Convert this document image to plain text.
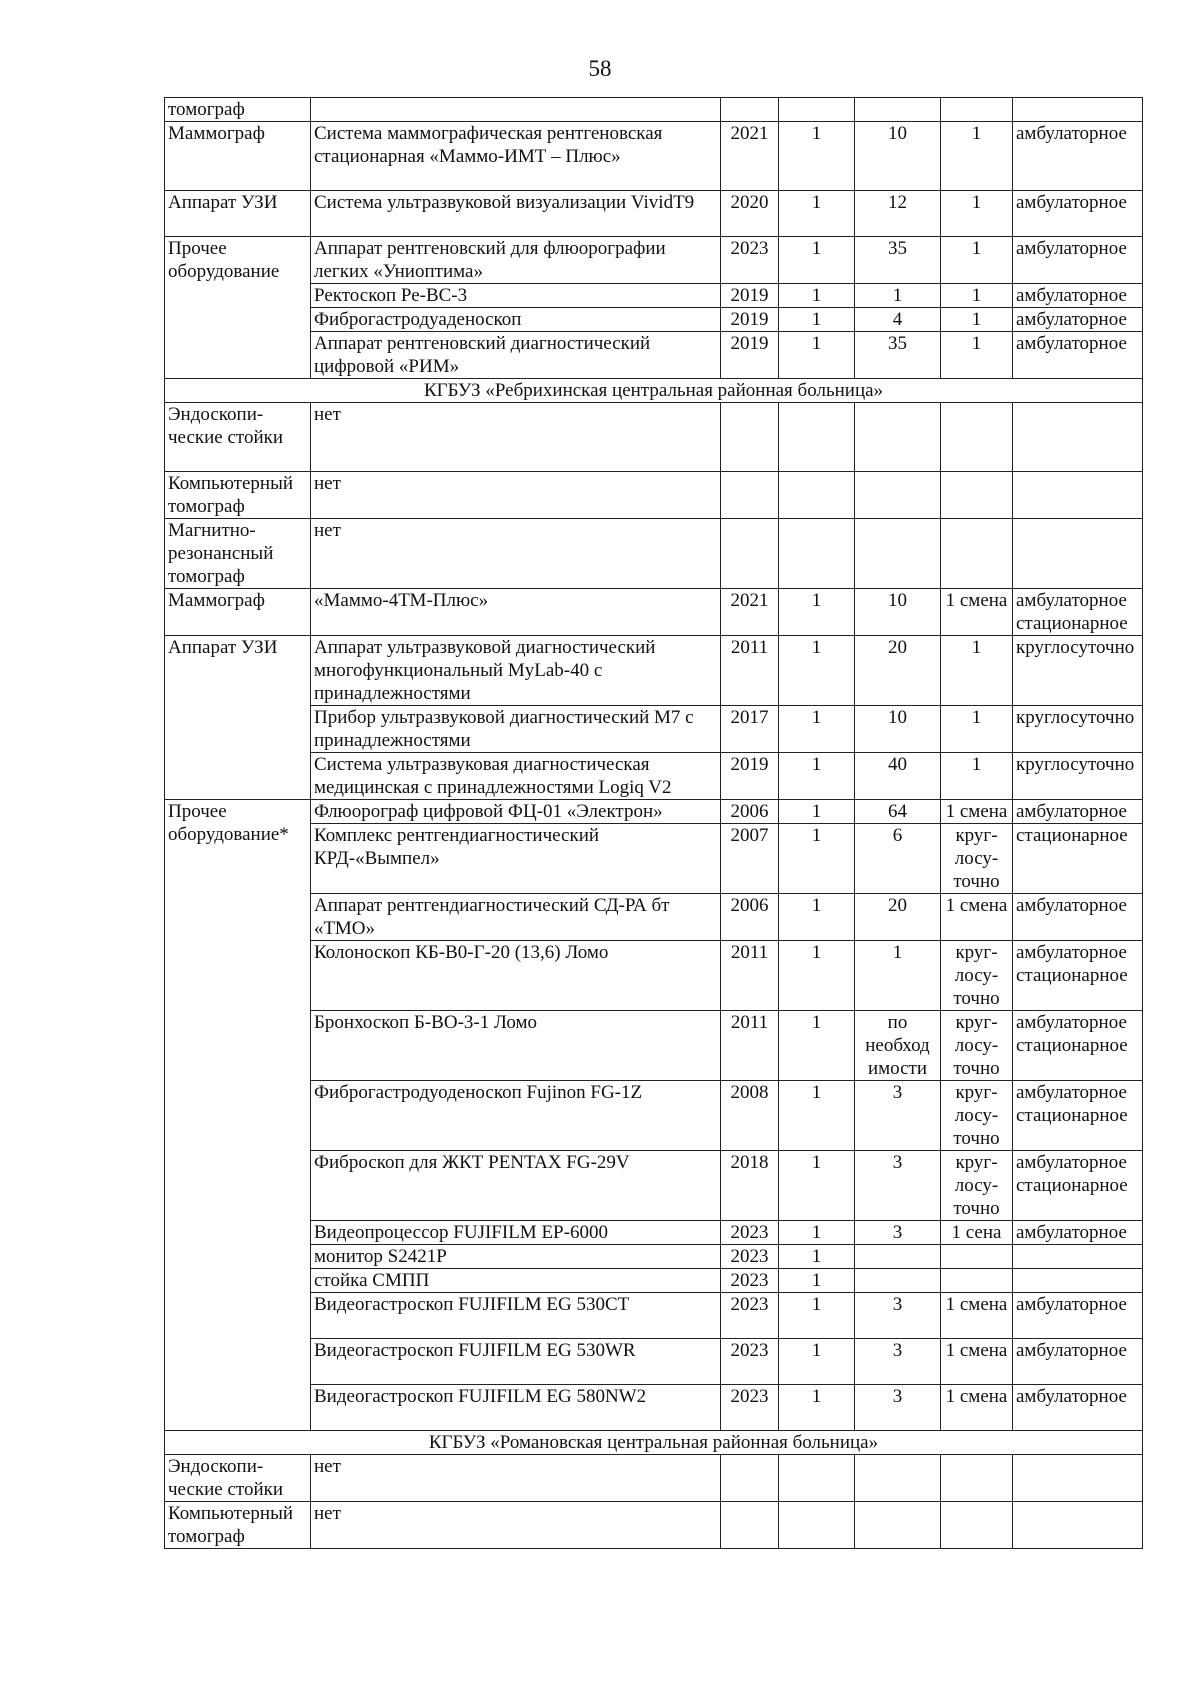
58
томограф						
Маммограф	Система маммографическая рентгеновская стационарная «Маммо-ИМТ – Плюс»	2021	1	10	1	амбулаторное
Аппарат УЗИ	Система ультразвуковой визуализации VividT9	2020	1	12	1	амбулаторное
Прочее оборудование	Аппарат рентгеновский для флюорографии легких «Униоптима»	2023	1	35	1	амбулаторное
	Ректоскоп Ре-ВС-3	2019	1	1	1	амбулаторное
	Фиброгастродуаденоскоп	2019	1	4	1	амбулаторное
	Аппарат рентгеновский диагностический цифровой «РИМ»	2019	1	35	1	амбулаторное
КГБУЗ «Ребрихинская центральная районная больница»						
Эндоскопи-ческие стойки	нет					
Компьютерный томограф	нет					
Магнитно-резонансный томограф	нет					
Маммограф	«Маммо-4ТМ-Плюс»	2021	1	10	1 смена	амбулаторное стационарное
Аппарат УЗИ	Аппарат ультразвуковой диагностический многофункциональный MyLab-40 с принадлежностями	2011	1	20	1	круглосуточно
	Прибор ультразвуковой диагностический M7 с принадлежностями	2017	1	10	1	круглосуточно
	Система ультразвуковая диагностическая медицинская с принадлежностями Logiq V2	2019	1	40	1	круглосуточно
Прочее оборудование*	Флюорограф цифровой ФЦ-01 «Электрон»	2006	1	64	1 смена	амбулаторное
	Комплекс рентгендиагностический КРД-«Вымпел»	2007	1	6	круг-лосу-точно	стационарное
	Аппарат рентгендиагностический СД-РА бт «ТМО»	2006	1	20	1 смена	амбулаторное
	Колоноскоп КБ-В0-Г-20 (13,6) Ломо	2011	1	1	круг-лосу-точно	амбулаторное стационарное
	Бронхоскоп Б-ВО-3-1 Ломо	2011	1	по необход имости	круг-лосу-точно	амбулаторное стационарное
	Фиброгастродуоденоскоп Fujinon FG-1Z	2008	1	3	круг-лосу-точно	амбулаторное стационарное
	Фиброскоп для ЖКТ PENTAX FG-29V	2018	1	3	круг-лосу-точно	амбулаторное стационарное
	Видеопроцессор FUJIFILM EP-6000	2023	1	3	1 сена	амбулаторное
	монитор S2421P	2023	1			
	стойка СМПП	2023	1			
	Видеогастроскоп FUJIFILM EG 530CT	2023	1	3	1 смена	амбулаторное
	Видеогастроскоп FUJIFILM EG 530WR	2023	1	3	1 смена	амбулаторное
	Видеогастроскоп FUJIFILM EG 580NW2	2023	1	3	1 смена	амбулаторное
КГБУЗ «Романовская центральная районная больница»						
Эндоскопи-ческие стойки	нет					
Компьютерный томограф	нет					
